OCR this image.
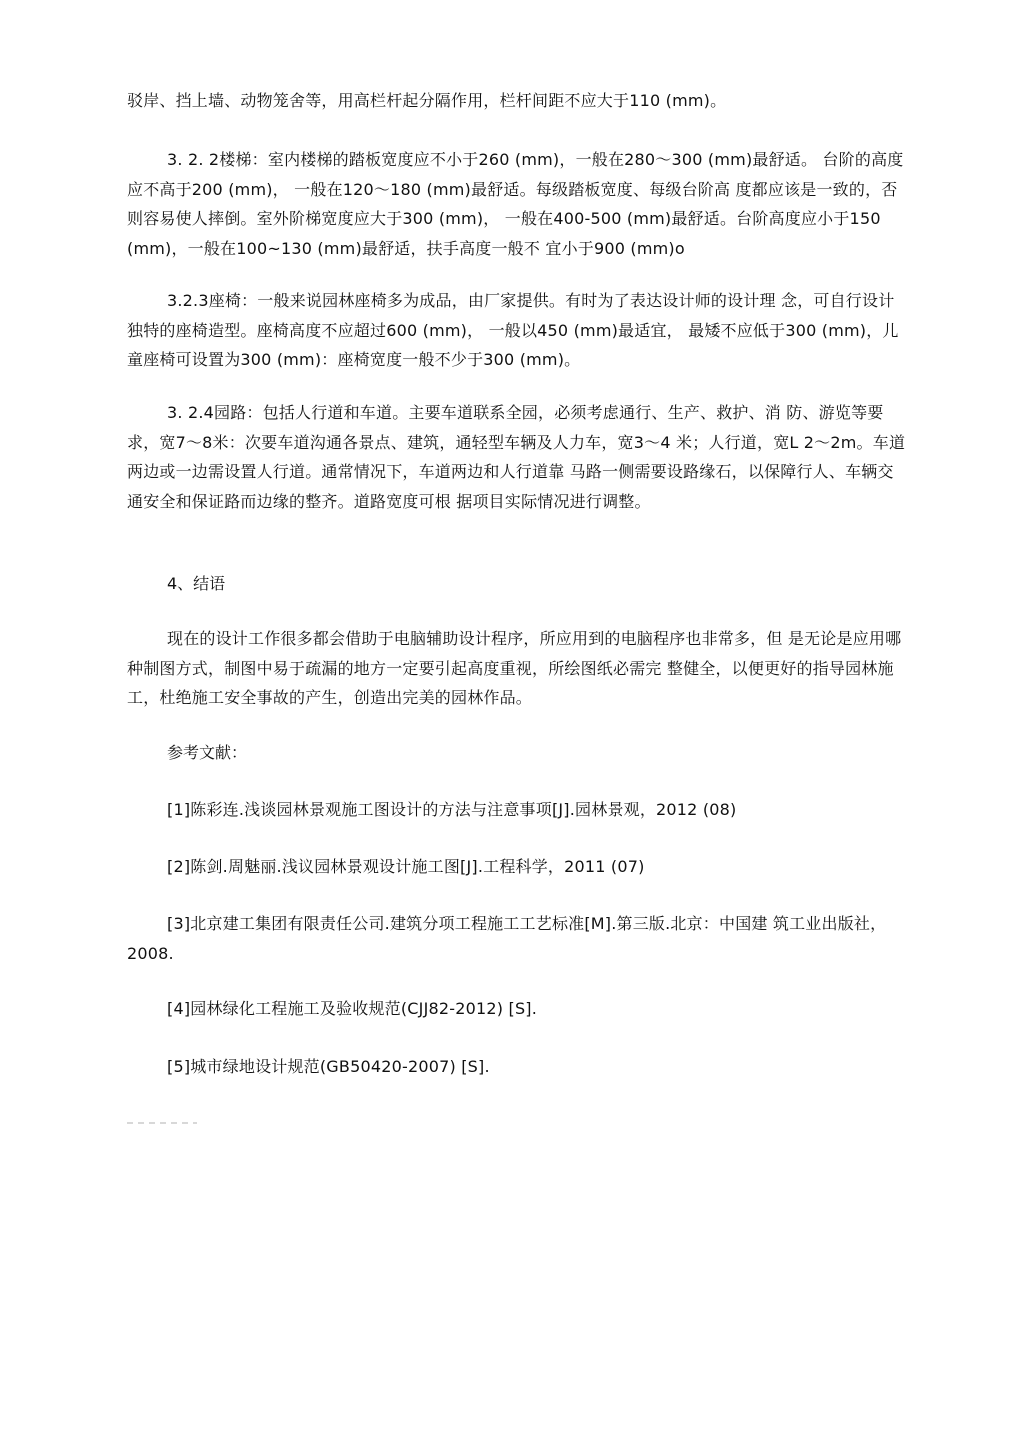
驳岸、挡上墙、动物笼舍等，用高栏杆起分隔作用，栏杆间距不应大于110 (mm)。

3. 2. 2楼梯：室内楼梯的踏板宽度应不小于260 (mm)，一般在280～300 (mm)最舒适。 台阶的高度应不高于200 (mm)， 一般在120～180 (mm)最舒适。每级踏板宽度、每级台阶高 度都应该是一致的，否则容易使人摔倒。室外阶梯宽度应大于300 (mm)， 一般在400-500 (mm)最舒适。台阶高度应小于150 (mm)，一般在100~130 (mm)最舒适，扶手高度一般不 宜小于900 (mm)o

3.2.3座椅：一般来说园林座椅多为成品，由厂家提供。有时为了表达设计师的设计理 念，可自行设计独特的座椅造型。座椅高度不应超过600 (mm)， 一般以450 (mm)最适宜， 最矮不应低于300 (mm)，儿童座椅可设置为300 (mm)：座椅宽度一般不少于300 (mm)。

3. 2.4园路：包括人行道和车道。主要车道联系全园，必须考虑通行、生产、救护、消 防、游览等要求，宽7～8米：次要车道沟通各景点、建筑，通轻型车辆及人力车，宽3～4 米；人行道，宽L 2～2m。车道两边或一边需设置人行道。通常情况下，车道两边和人行道靠 马路一侧需要设路缘石，以保障行人、车辆交通安全和保证路而边缘的整齐。道路宽度可根 据项目实际情况进行调整。

4、结语

现在的设计工作很多都会借助于电脑辅助设计程序，所应用到的电脑程序也非常多，但 是无论是应用哪种制图方式，制图中易于疏漏的地方一定要引起高度重视，所绘图纸必需完 整健全，以便更好的指导园林施工，杜绝施工安全事故的产生，创造出完美的园林作品。

参考文献：

[1]陈彩连.浅谈园林景观施工图设计的方法与注意事项[J].园林景观，2012 (08)

[2]陈剑.周魅丽.浅议园林景观设计施工图[J].工程科学，2011 (07)

[3]北京建工集团有限责任公司.建筑分项工程施工工艺标准[M].第三版.北京：中国建 筑工业出版社，2008.

[4]园林绿化工程施工及验收规范(CJJ82-2012) [S].

[5]城市绿地设计规范(GB50420-2007) [S].
